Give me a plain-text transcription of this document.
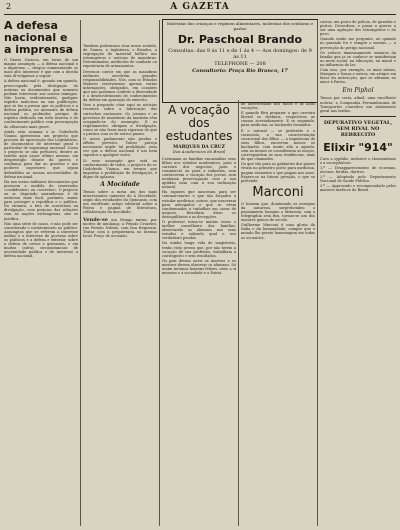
2	A GAZETA
A defesa nacional e a imprensa

O Diario Carioca, em torno de um magno assumpto — a defesa nacional e a imprensa — chegou commentando os mais alto interesse é que com a duvida vaia di-vulgamos a seguir:

A defesa nacional é, quando em quando, preoccupada pela divulgação do noticias ou documentos que somente podiam interessar aos nossos inimigos. Não havia, evidentemente, qualquer espirito malicioso na sua publicação, que se faz a pressa que os politicos e a defesa publica, no momento de defesa nacional os profundos perigos de espirito dedicado em toda reserva e do conhecimento publico com preocupação do ellemento mais grave.

Ainda esta semana o sr. Godofredo Vianna apresentou um projecto que procura de apreciação das Legislativas, de documentos de interesse geral e particular de segurança nacional. Como o projecto se não perlustra, dentre as tarefas aqui nesse ultimo mesmo, em desprestigio deante da guerra e confiança para dar ao governo e aos poderes superiores que sejam defendidos as nossas necessidades de defesa nacional.

Ha nos meios militares documentos que possuem a modela de reservados «confidentes» ou «secretos». O projecto ou sr. deputado maranhense é de natureza mais facil, portanto, maior para proteger a republica e o publico. No entanto, o fato de ocorrerem na divulgação, com prejuizo das relações com as nações estrangeiras, não se justifica.

Não uma série de casos, e não pode ser considerado o conhecimento ao publico. Assumptos que se referem a interesse militar e a interesse do governo sobre os politicos e a defesa e exterior, sobre a defesa de certos e gravames, e em muitas outras circumstancias de necessidade publica e de interesse a defesa nacional.

Tambem poderamos citar nesse sentido, de Gomes, a Inglaterra, o Estados, a segregação de material bellico aos estrangeiros e noticias de manobras. Determinadas, methodos de combate ou experiencia de armamentos.

Devemos convir em que as manobras militares envolvem grandes responsabilidades. Nós, com os Estados Maiores reservarmos apenas varias informações, obrigados, em ocasiões que não podemos conferir a diversidade e o desenvolvimento de conhecimentos da defesa em apuração do exercito.

Vem a proposito citar aqui as noticias recentes sobre a fabricação dos cartuchos nacionaes. Os jornaes e os governos de ministerio da marinha vêm ocupando-se do assumpto. E os regulamentos obrigam a divulgação, como se não fosse mais rigorosa do que a pratica com os de outros paizes.

O nosso parlamento não produz o effeito previsto. Talvez pareça necessario impôr tal prohibição, uma vez que a defesa nacional é um bem superior a qualquer outro.

Si esse assumpto que está ao conhecimento de todos, o projecto do sr. Godofredo Vianna, em termos que imponha a prohibição de divulgação, é digno de aplauso.

A Mocidade

Temos sobre a mesa um dos mais interessantes numeros do A Mocidade, orgão dos estudantes do Gymnasio, com um excellente artigo editorial sobre a Patria e pagina de litteratura, collaboração da mocidade.

Vende-se um Mongo mirim, por motivo de mudança; a Pensão Cruzeiro, rua Fernão Sobino, com boa freguezia. Tratar com a proprietaria no mesmo local. Preço de occasião.
Molestias das crianças e regimen alimentares, molestias dos senhoras e partos
Dr. Paschoal Brando
Consultas: das 9 ás 11 e de 1 ás 4 — Aos domingos: de 9 ás 11
TELEPHONE — 208
Consultorio: Praça Rio Branco, 17
A vocação dos estudantes
MARQUES DA CRUZ
Dos Academicos do Brasil

Costumam as familias encaminhar seus filhos nos estudos academicos, para a carreira dos negocios, para o commercio ou para a industria, sem conhecerem o vocação dos jovens, sem nenhuma preoccupação com a sua aptidão nem com a sua inclinação natural.

Ha rapazes que nasceram para ser commerciantes e que são forçados a estudar medicina; outros, que nasceram para advogados e que se vêem condemnados a trabalhar em casas de negocio. Resultam disso os desequilibrios e as decepções.

O professor torna-se muitas vezes o melhor conselheiro das familias, observando os alumnos nos seus estudos e sabendo qual o seu verdadeiro pendor.

Na minha longa vida de magisterio, tenho visto jovens que, por não terem a vocação de sua profissão, trabalham a contragosto e sem resultados.

Os pais devem ouvir os mestres e os mestres devem observar os alumnos. Só assim teremos homens felizes, uteis a si mesmos e a sociedade e a Patria.

de affectividade nos filhos e as altas vocações.

E quando fôra preparar o que carreira liberal os destinos, respectivos as cousas acertadamente. E se seguindo, para medicina, os bacharéis formados.

E o natural — se preferido e o raciocinio, a sua caracterização vocacional dos filhos — a impulsiona de seus filhos, encerrem menos os bacharéis, com muito alto a agrado, sem ao menos se consultarem os moços, correspondem as suas tendências, mais do que chamados.

Os que vão para os gabinetes dos paizes vivam no primeiro posto para medicina, pagam reamente o que pagam nos anos. Espera-se na futura geração, o que se pretende.

Marconi

O homem que, dominando as energias da natureza, surprehendeu o pensamento humano a distancia, com a telegraphia sem fios, tornou-se um dos maiores genios do seculo.

Guilherme Marconi é uma gloria da Italia e da humanidade; cumpre que o mundo lhe preste homenagem em todas as occasiões.

carros, um posto de policia, de guardas e postos. Desordens, e passa a guerra a ser uma agitação dos estrangeiros e do povo.

Quando então me pergunto, ao quando no passado foi e sempre o mesmo — a prevenção do perigo nacional.

Os valores immensamente maiores da familia que ja se conhece se manifestam no meio social, na educação, na moral e na influencia do lar.

Com isso, por exemplo, os mais sabios, Marques e Souza e outros, em artigos em favor da instrucção, que se afirmam no amor á Patria.

Em Piphol

Temos por certa, afinal, uma excellente noticia: a Companhia Pernambucana de Transportes concedeu um abatimento geral nas tarifas.

DEPURATIVO VEGETAL, SEM RIVAL NO REBRECITO
Elixir "914"

Cura a syphilis, inclusive o rheumatismo e a escrophulose.

1.º — Desapparecimento de eczemas, ulceras, feridas, dartros.

2.º — Adoptado pelo Departamento Nacional de Saude Publica.

3.º — Approvado e recommendado pelos maiores medicos do Brasil.
